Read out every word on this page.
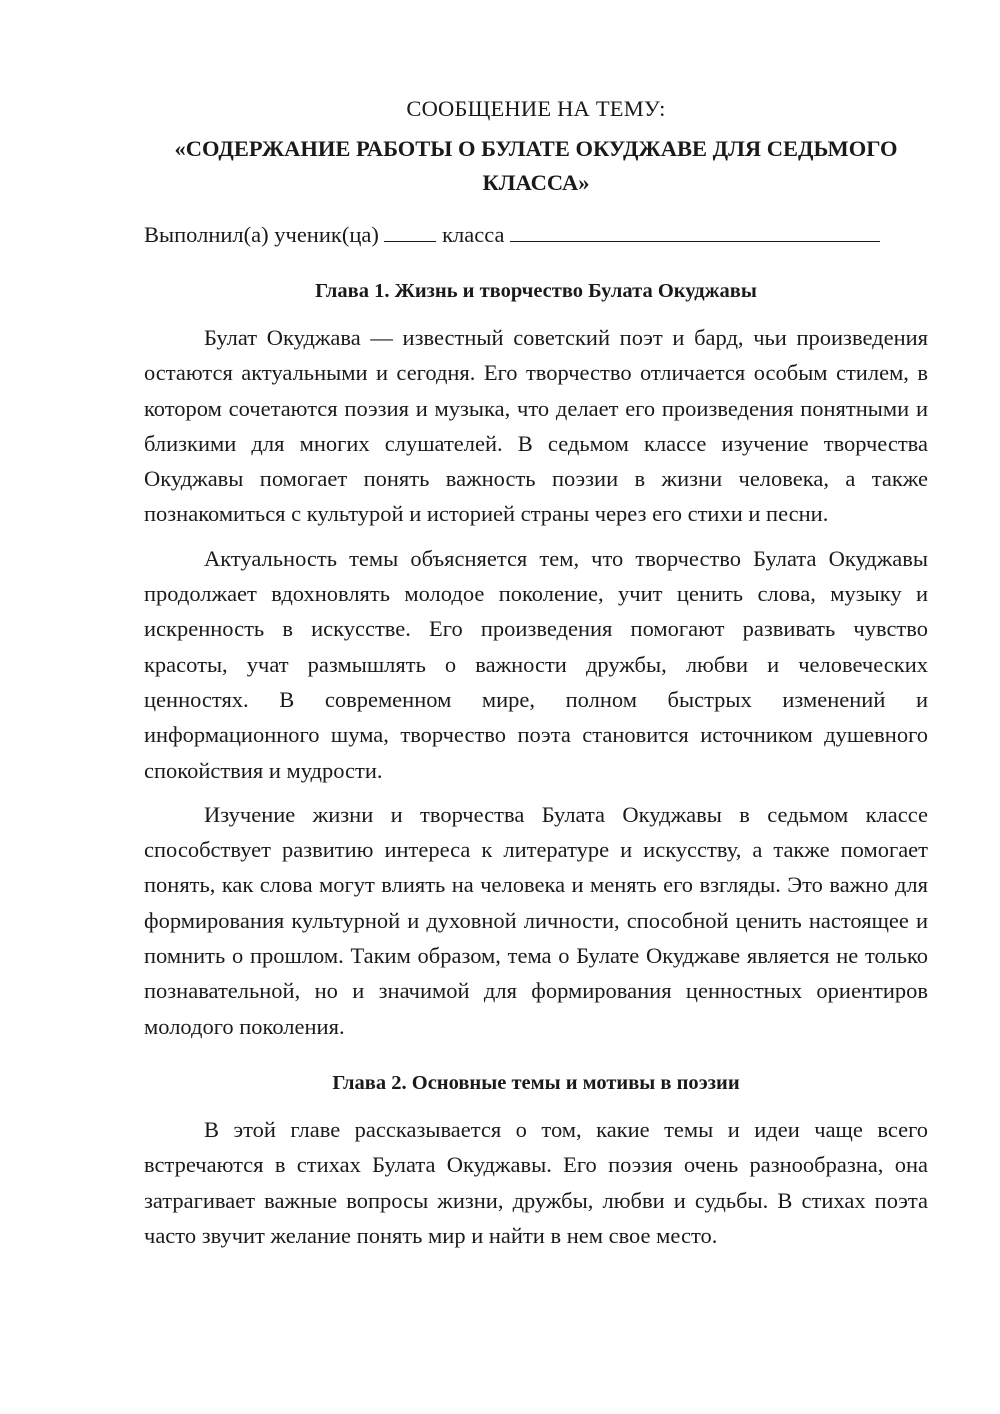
СООБЩЕНИЕ НА ТЕМУ:

«СОДЕРЖАНИЕ РАБОТЫ О БУЛАТЕ ОКУДЖАВЕ ДЛЯ СЕДЬМОГО КЛАССА»

Выполнил(а) ученик(ца)	класса

Глава 1. Жизнь и творчество Булата Окуджавы

Булат Окуджава — известный советский поэт и бард, чьи произведения остаются актуальными и сегодня. Его творчество отличается особым стилем, в котором сочетаются поэзия и музыка, что делает его произведения понятными и близкими для многих слушателей. В седьмом классе изучение творчества Окуджавы помогает понять важность поэзии в жизни человека, а также познакомиться с культурой и историей страны через его стихи и песни.

Актуальность темы объясняется тем, что творчество Булата Окуджавы продолжает вдохновлять молодое поколение, учит ценить слова, музыку и искренность в искусстве. Его произведения помогают развивать чувство красоты, учат размышлять о важности дружбы, любви и человеческих ценностях. В современном мире, полном быстрых изменений и информационного шума, творчество поэта становится источником душевного спокойствия и мудрости.

Изучение жизни и творчества Булата Окуджавы в седьмом классе способствует развитию интереса к литературе и искусству, а также помогает понять, как слова могут влиять на человека и менять его взгляды. Это важно для формирования культурной и духовной личности, способной ценить настоящее и помнить о прошлом. Таким образом, тема о Булате Окуджаве является не только познавательной, но и значимой для формирования ценностных ориентиров молодого поколения.

Глава 2. Основные темы и мотивы в поэзии

В этой главе рассказывается о том, какие темы и идеи чаще всего встречаются в стихах Булата Окуджавы. Его поэзия очень разнообразна, она затрагивает важные вопросы жизни, дружбы, любви и судьбы. В стихах поэта часто звучит желание понять мир и найти в нем свое место.
